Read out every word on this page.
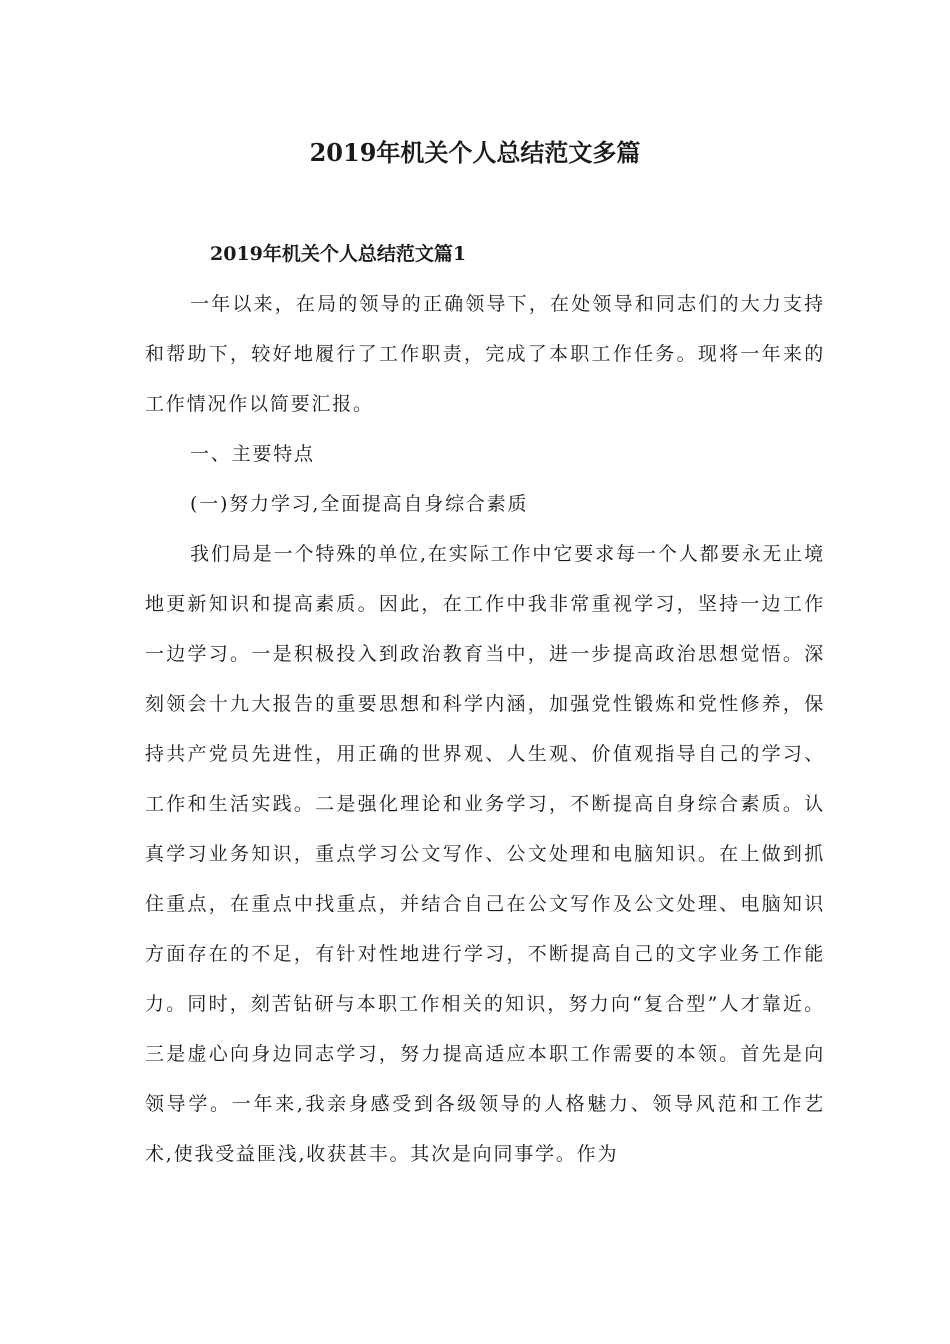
2019年机关个人总结范文多篇

2019年机关个人总结范文篇1

一年以来，在局的领导的正确领导下，在处领导和同志们的大力支持和帮助下，较好地履行了工作职责，完成了本职工作任务。现将一年来的工作情况作以简要汇报。

一、主要特点

(一)努力学习,全面提高自身综合素质

我们局是一个特殊的单位,在实际工作中它要求每一个人都要永无止境地更新知识和提高素质。因此，在工作中我非常重视学习，坚持一边工作一边学习。一是积极投入到政治教育当中，进一步提高政治思想觉悟。深刻领会十九大报告的重要思想和科学内涵，加强党性锻炼和党性修养，保持共产党员先进性，用正确的世界观、人生观、价值观指导自己的学习、工作和生活实践。二是强化理论和业务学习，不断提高自身综合素质。认真学习业务知识，重点学习公文写作、公文处理和电脑知识。在上做到抓住重点，在重点中找重点，并结合自己在公文写作及公文处理、电脑知识方面存在的不足，有针对性地进行学习，不断提高自己的文字业务工作能力。同时，刻苦钻研与本职工作相关的知识，努力向“复合型”人才靠近。三是虚心向身边同志学习，努力提高适应本职工作需要的本领。首先是向领导学。一年来,我亲身感受到各级领导的人格魅力、领导风范和工作艺术,使我受益匪浅,收获甚丰。其次是向同事学。作为
